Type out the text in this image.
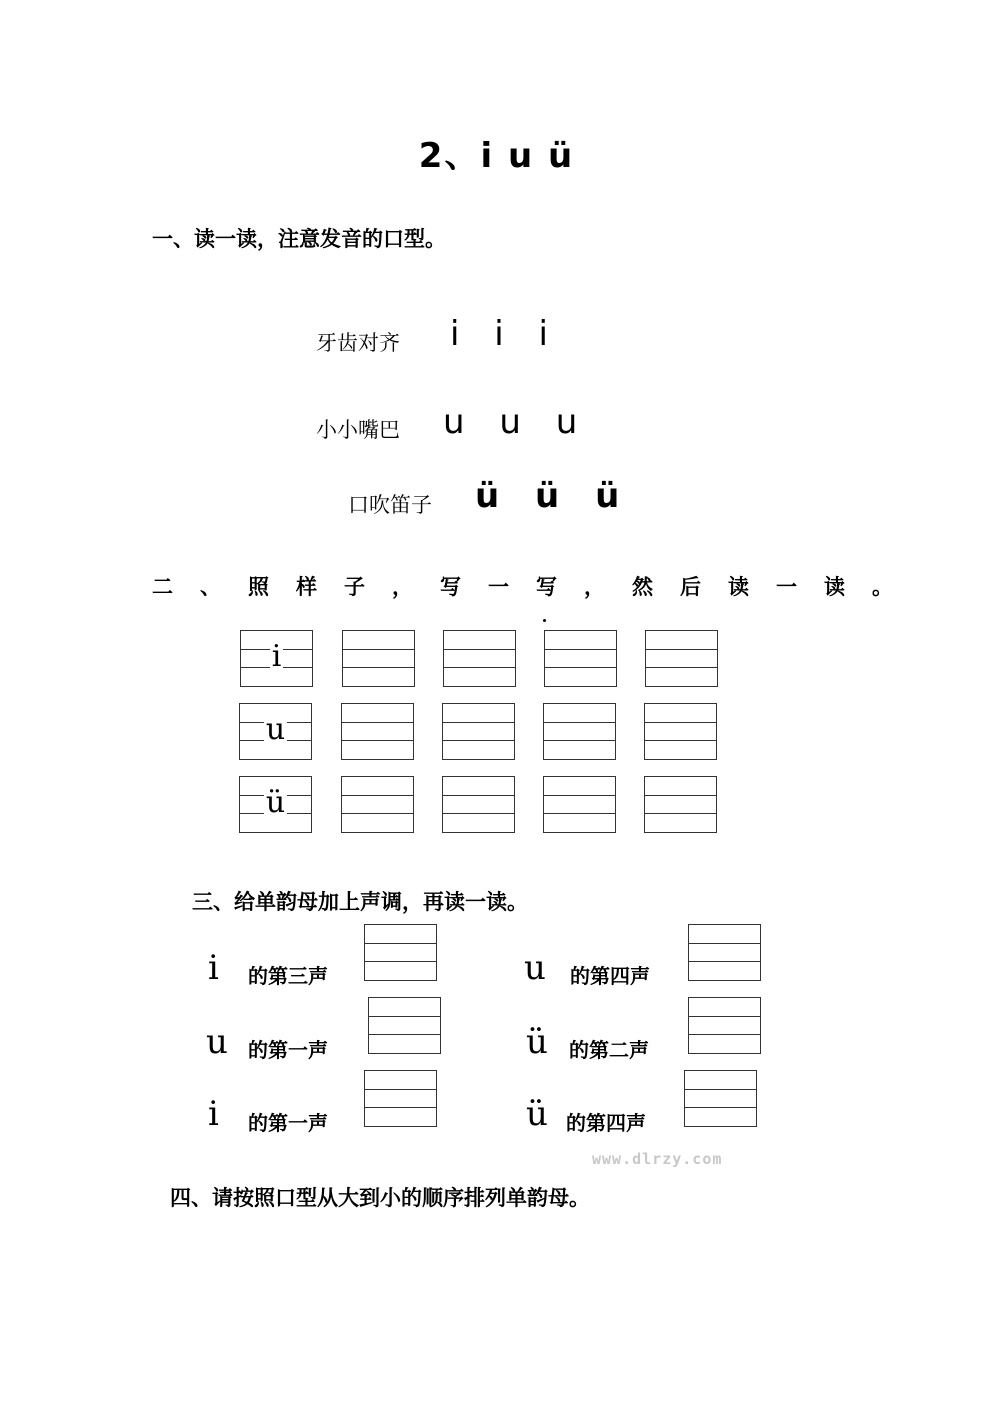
2、i u ü
一、读一读，注意发音的口型。
牙齿对齐 i i i
小小嘴巴 u u u
口吹笛子 ü ü ü
二、照样子，写一写，然后读一读。
i
u
ü
三、给单韵母加上声调，再读一读。
i 的第三声
u 的第一声
i 的第一声
u 的第四声
ü 的第二声
ü 的第四声
www.dlrzy.com
四、请按照口型从大到小的顺序排列单韵母。
